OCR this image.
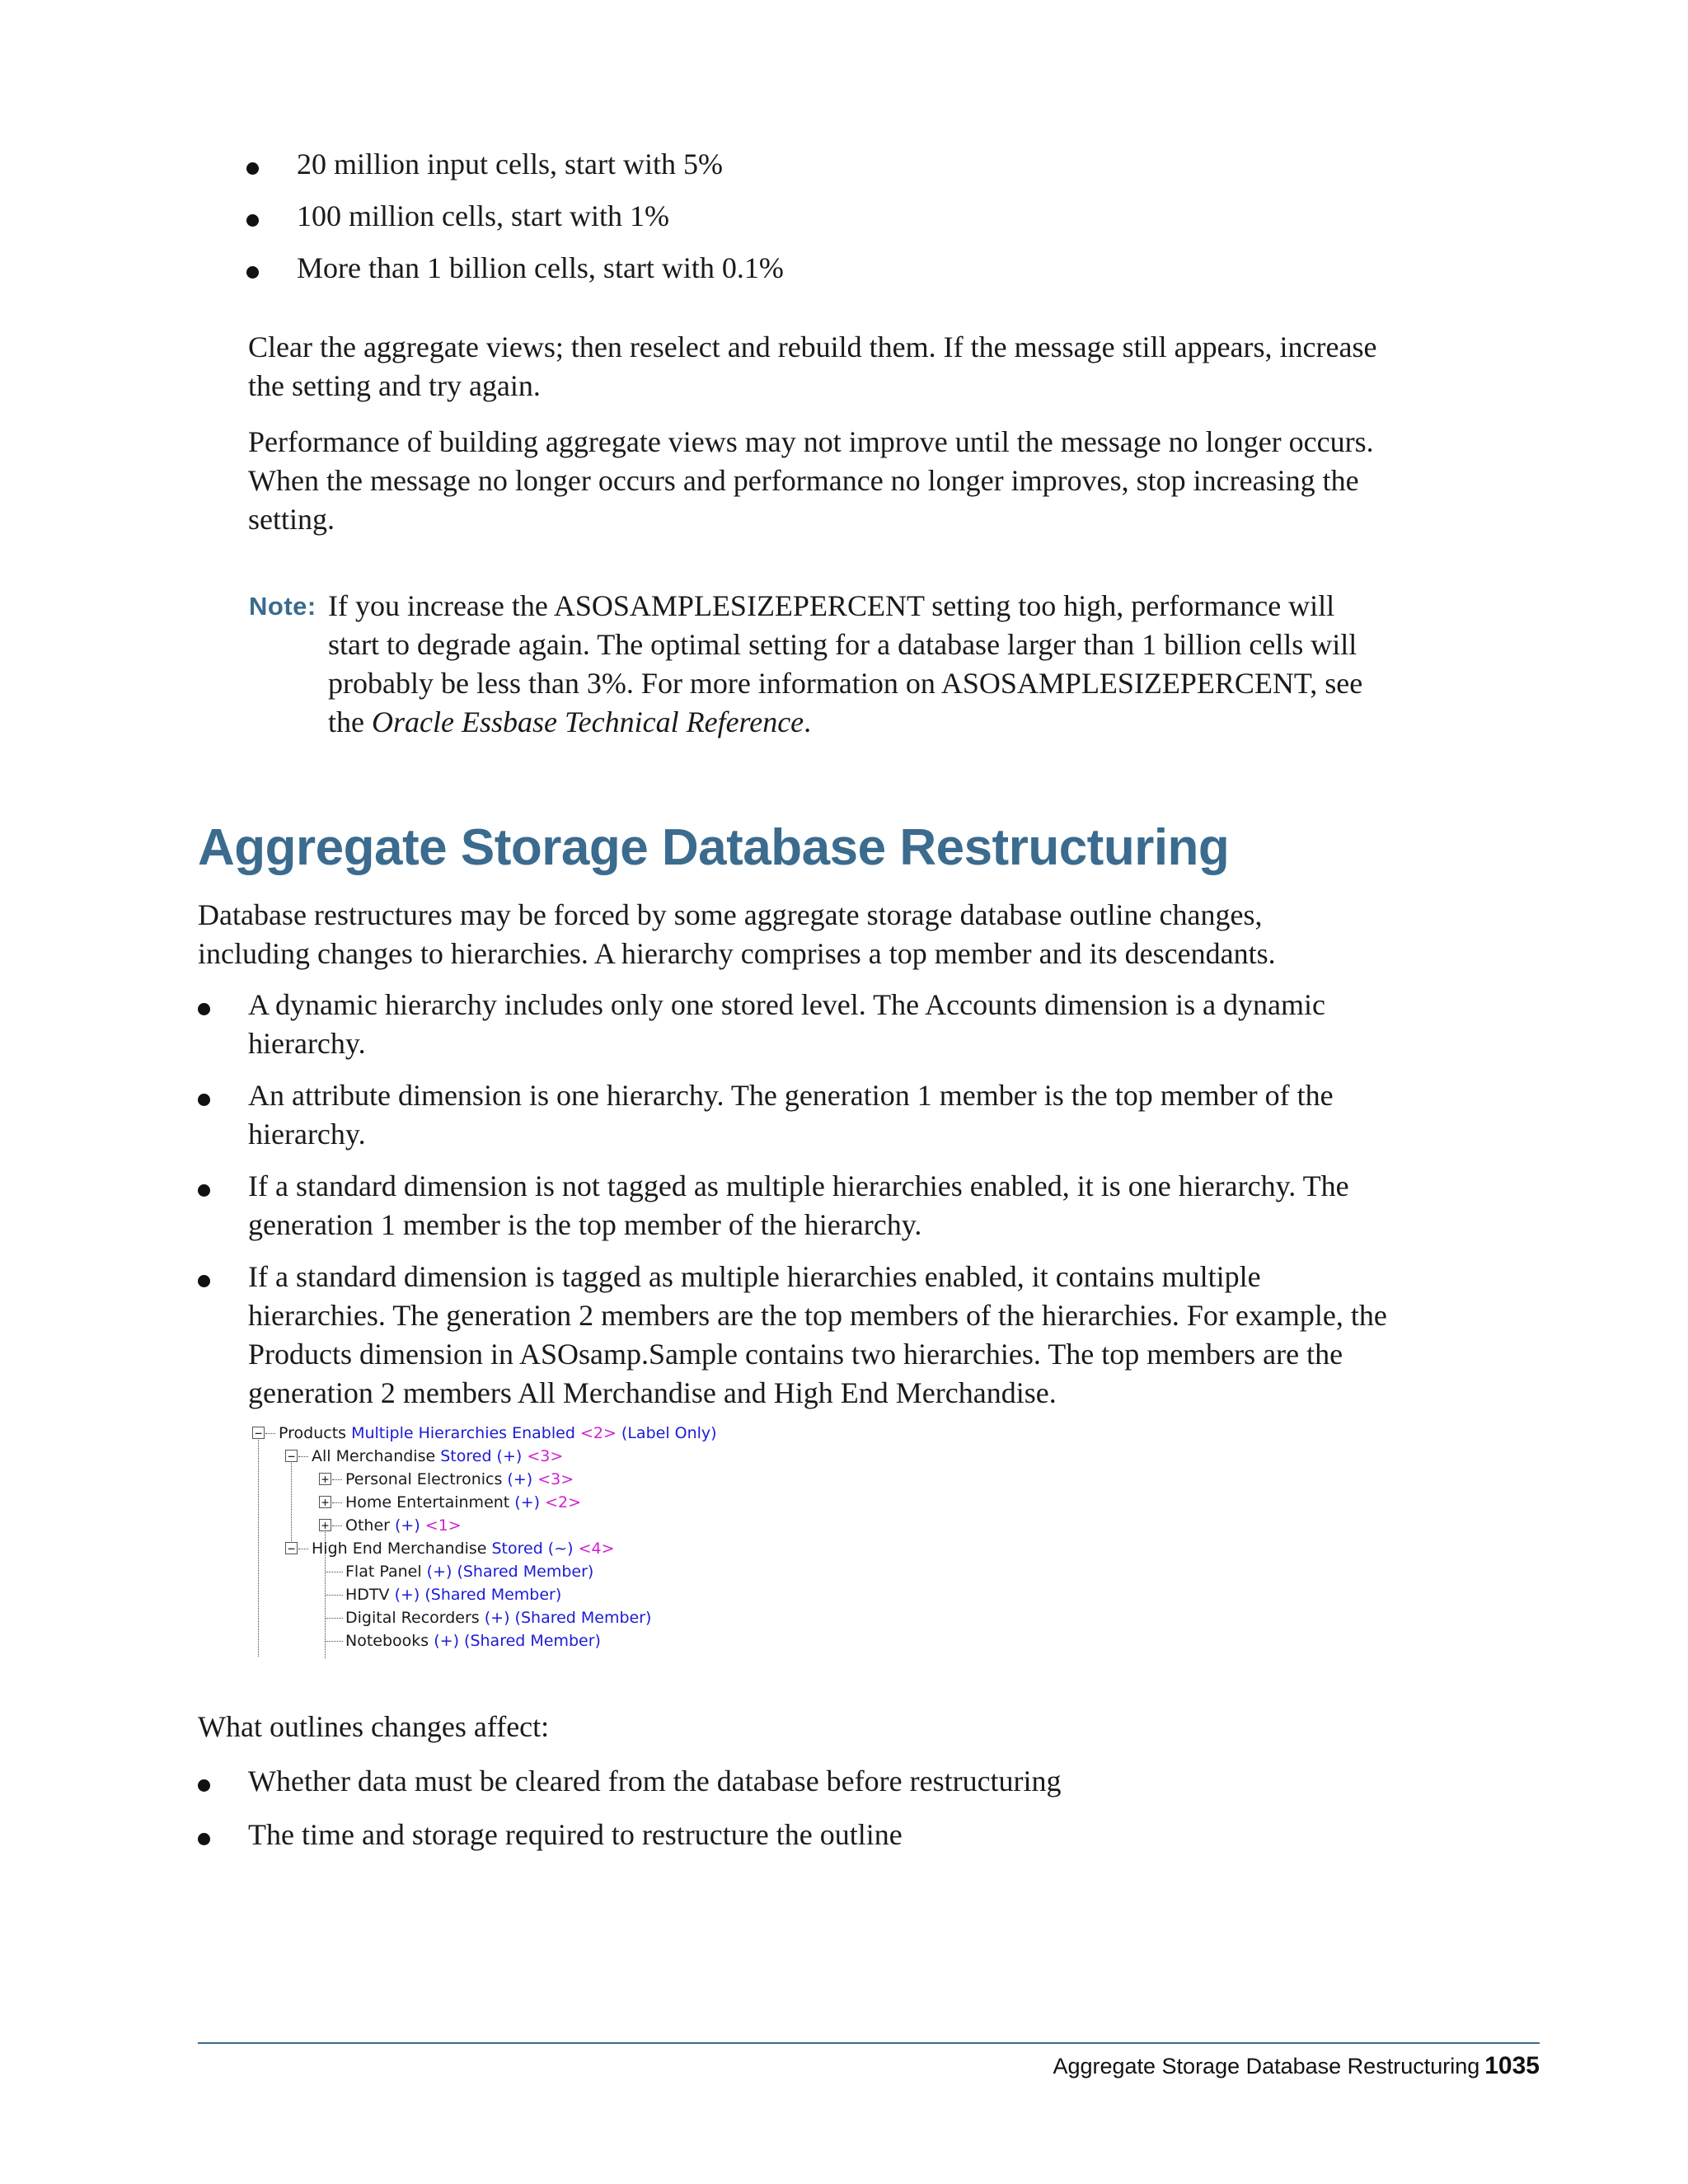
20 million input cells, start with 5%
100 million cells, start with 1%
More than 1 billion cells, start with 0.1%

Clear the aggregate views; then reselect and rebuild them. If the message still appears, increase the setting and try again.

Performance of building aggregate views may not improve until the message no longer occurs. When the message no longer occurs and performance no longer improves, stop increasing the setting.

Note: If you increase the ASOSAMPLESIZEPERCENT setting too high, performance will start to degrade again. The optimal setting for a database larger than 1 billion cells will probably be less than 3%. For more information on ASOSAMPLESIZEPERCENT, see the Oracle Essbase Technical Reference.

Aggregate Storage Database Restructuring

Database restructures may be forced by some aggregate storage database outline changes, including changes to hierarchies. A hierarchy comprises a top member and its descendants.

A dynamic hierarchy includes only one stored level. The Accounts dimension is a dynamic hierarchy.

An attribute dimension is one hierarchy. The generation 1 member is the top member of the hierarchy.

If a standard dimension is not tagged as multiple hierarchies enabled, it is one hierarchy. The generation 1 member is the top member of the hierarchy.

If a standard dimension is tagged as multiple hierarchies enabled, it contains multiple hierarchies. The generation 2 members are the top members of the hierarchies. For example, the Products dimension in ASOsamp.Sample contains two hierarchies. The top members are the generation 2 members All Merchandise and High End Merchandise.

− Products Multiple Hierarchies Enabled <2> (Label Only)
− All Merchandise Stored (+) <3>
+ Personal Electronics (+) <3>
+ Home Entertainment (+) <2>
+ Other (+) <1>
− High End Merchandise Stored (~) <4>
Flat Panel (+) (Shared Member)
HDTV (+) (Shared Member)
Digital Recorders (+) (Shared Member)
Notebooks (+) (Shared Member)

What outlines changes affect:

Whether data must be cleared from the database before restructuring
The time and storage required to restructure the outline
Aggregate Storage Database Restructuring 1035
